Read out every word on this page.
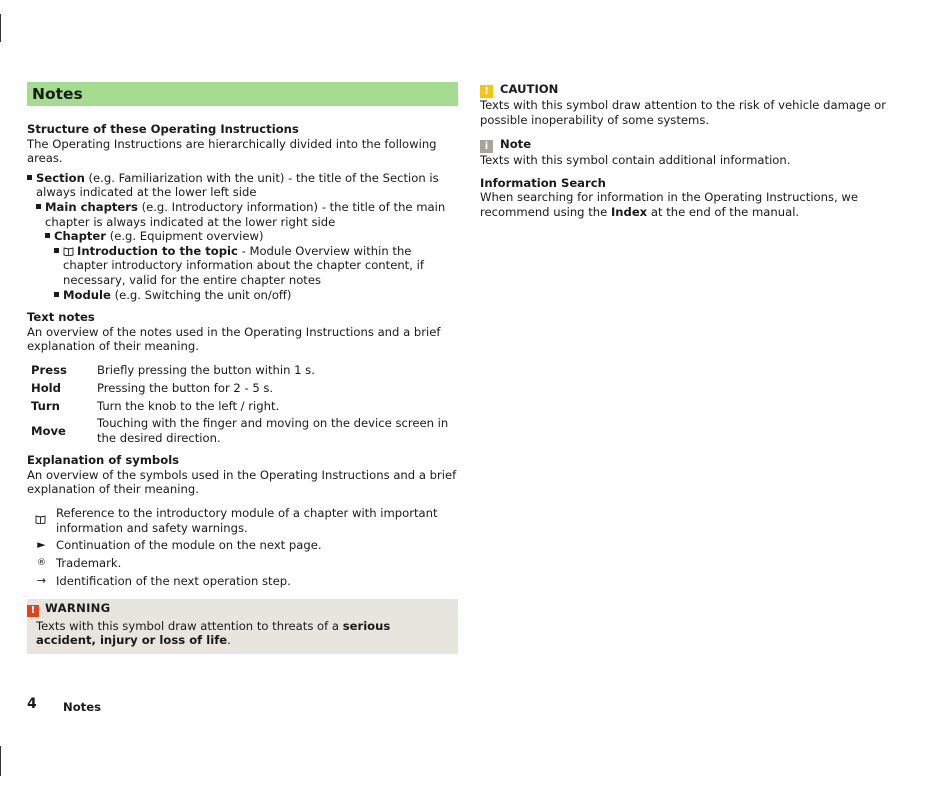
Notes
Structure of these Operating Instructions
The Operating Instructions are hierarchically divided into the following areas.
Section (e.g. Familiarization with the unit) - the title of the Section is always indicated at the lower left side
Main chapters (e.g. Introductory information) - the title of the main chapter is always indicated at the lower right side
Chapter (e.g. Equipment overview)
Introduction to the topic - Module Overview within the chapter introductory information about the chapter content, if necessary, valid for the entire chapter notes
Module (e.g. Switching the unit on/off)
Text notes
An overview of the notes used in the Operating Instructions and a brief explanation of their meaning.
Press	Briefly pressing the button within 1 s.
Hold	Pressing the button for 2 - 5 s.
Turn	Turn the knob to the left / right.
Move	Touching with the finger and moving on the device screen in the desired direction.
Explanation of symbols
An overview of the symbols used in the Operating Instructions and a brief explanation of their meaning.
	Reference to the introductory module of a chapter with important information and safety warnings.
►	Continuation of the module on the next page.
®	Trademark.
→	Identification of the next operation step.
! WARNING
Texts with this symbol draw attention to threats of a serious accident, injury or loss of life.
! CAUTION
Texts with this symbol draw attention to the risk of vehicle damage or possible inoperability of some systems.
i Note
Texts with this symbol contain additional information.
Information Search
When searching for information in the Operating Instructions, we recommend using the Index at the end of the manual.
4 Notes
